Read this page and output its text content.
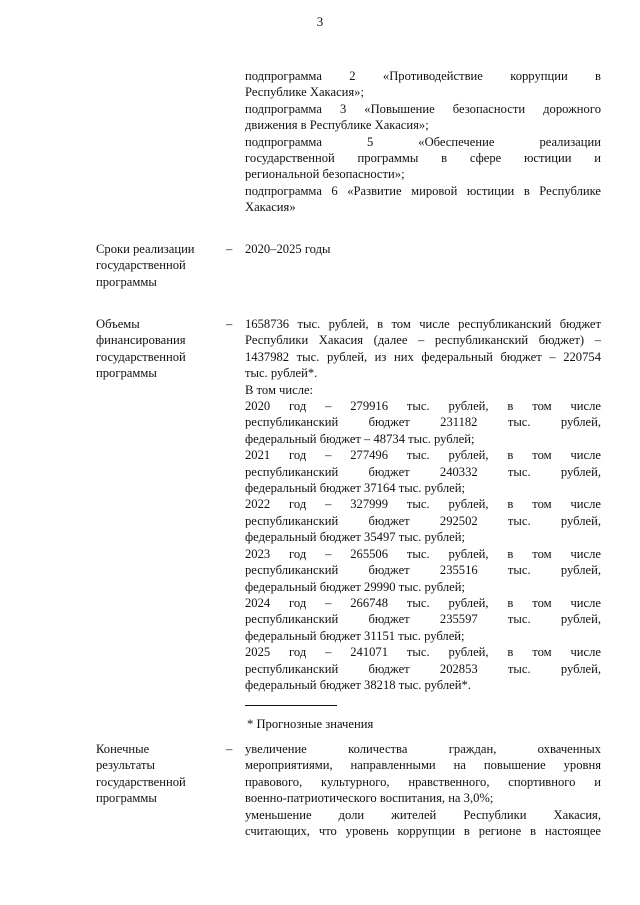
3
подпрограмма 2 «Противодействие коррупции в
Республике Хакасия»;
подпрограмма 3 «Повышение безопасности дорожного
движения в Республике Хакасия»;
подпрограмма 5 «Обеспечение реализации
государственной программы в сфере юстиции и
региональной безопасности»;
подпрограмма 6 «Развитие мировой юстиции в Республике
Хакасия»
Сроки реализации
государственной
программы
– 2020–2025 годы
Объемы
финансирования
государственной
программы
– 1658736 тыс. рублей, в том числе республиканский бюджет
Республики Хакасия (далее – республиканский бюджет) –
1437982 тыс. рублей, из них федеральный бюджет – 220754
тыс. рублей*.
В том числе:
2020 год – 279916 тыс. рублей, в том числе
республиканский бюджет 231182 тыс. рублей,
федеральный бюджет – 48734 тыс. рублей;
2021 год – 277496 тыс. рублей, в том числе
республиканский бюджет 240332 тыс. рублей,
федеральный бюджет 37164 тыс. рублей;
2022 год – 327999 тыс. рублей, в том числе
республиканский бюджет 292502 тыс. рублей,
федеральный бюджет 35497 тыс. рублей;
2023 год – 265506 тыс. рублей, в том числе
республиканский бюджет 235516 тыс. рублей,
федеральный бюджет 29990 тыс. рублей;
2024 год – 266748 тыс. рублей, в том числе
республиканский бюджет 235597 тыс. рублей,
федеральный бюджет 31151 тыс. рублей;
2025 год – 241071 тыс. рублей, в том числе
республиканский бюджет 202853 тыс. рублей,
федеральный бюджет 38218 тыс. рублей*.
* Прогнозные значения
Конечные
результаты
государственной
программы
– увеличение количества граждан, охваченных
мероприятиями, направленными на повышение уровня
правового, культурного, нравственного, спортивного и
военно-патриотического воспитания, на 3,0%;
уменьшение доли жителей Республики Хакасия,
считающих, что уровень коррупции в регионе в настоящее
